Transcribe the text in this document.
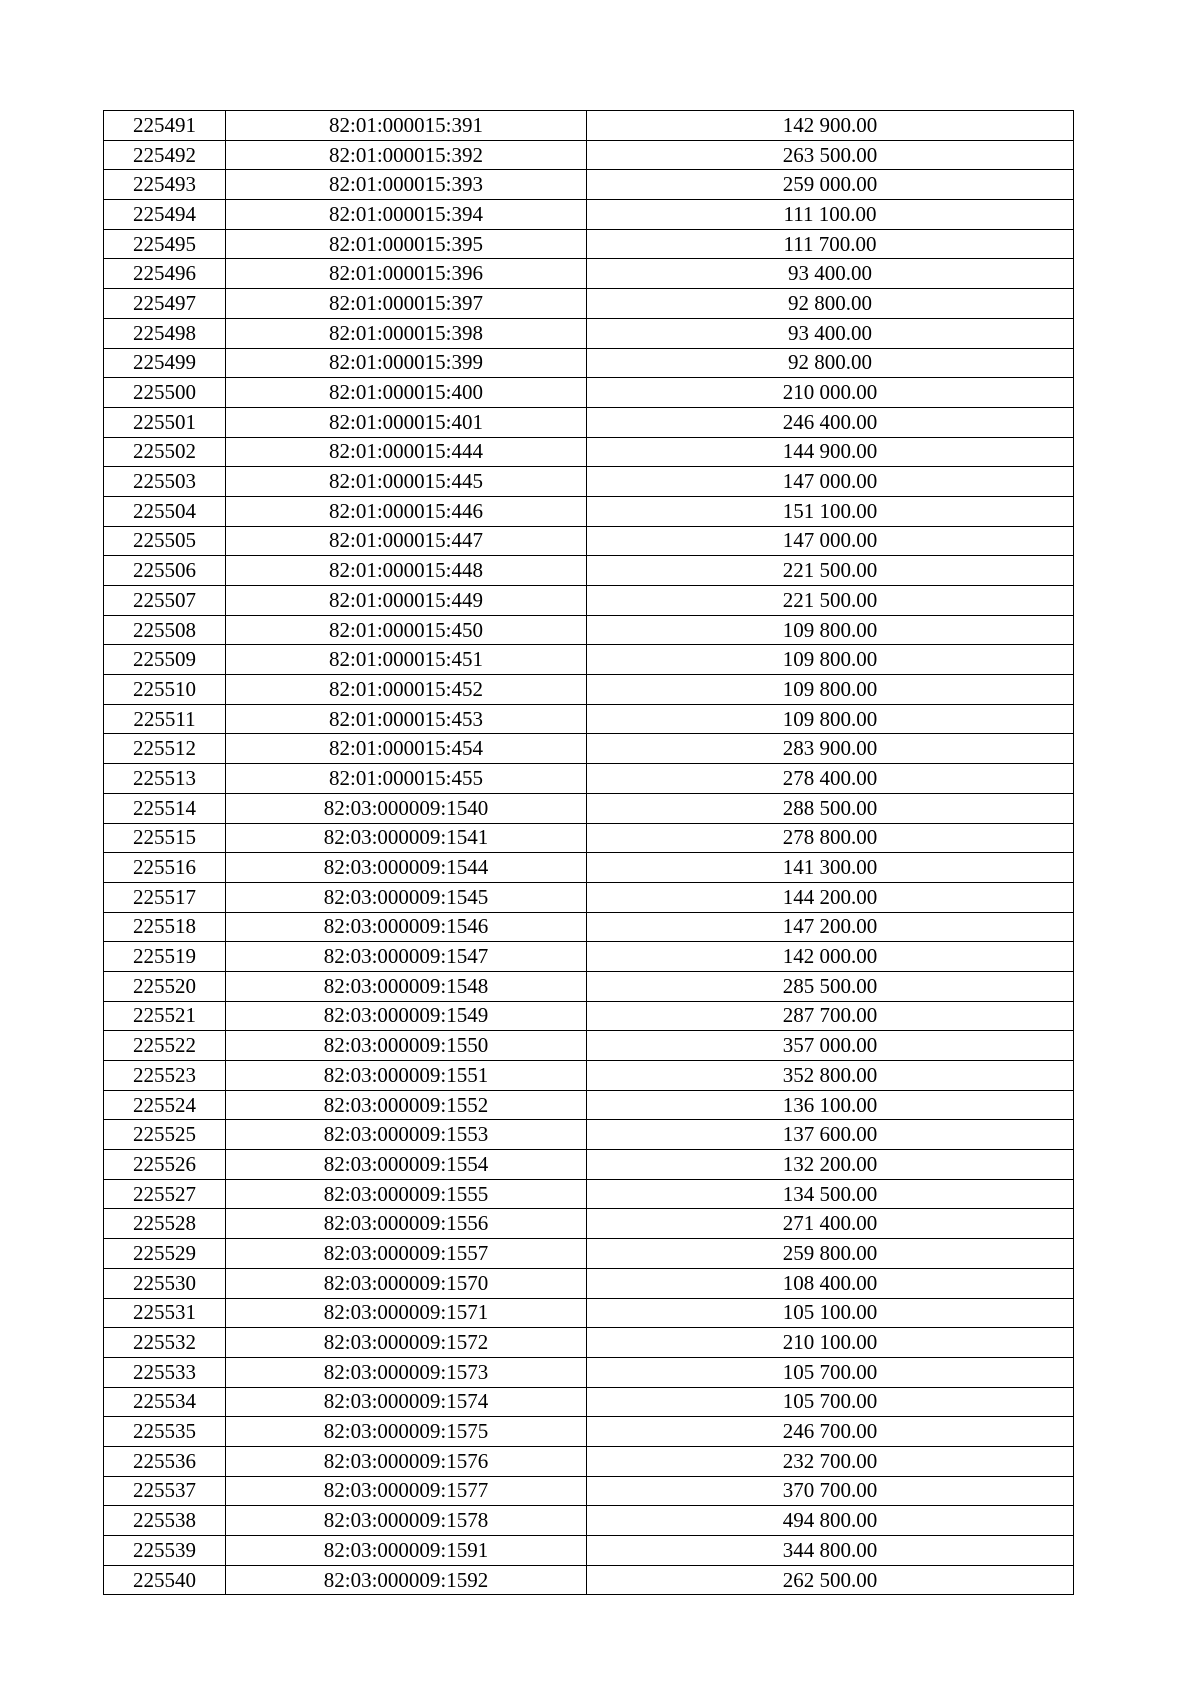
225491	82:01:000015:391	142 900.00
225492	82:01:000015:392	263 500.00
225493	82:01:000015:393	259 000.00
225494	82:01:000015:394	111 100.00
225495	82:01:000015:395	111 700.00
225496	82:01:000015:396	93 400.00
225497	82:01:000015:397	92 800.00
225498	82:01:000015:398	93 400.00
225499	82:01:000015:399	92 800.00
225500	82:01:000015:400	210 000.00
225501	82:01:000015:401	246 400.00
225502	82:01:000015:444	144 900.00
225503	82:01:000015:445	147 000.00
225504	82:01:000015:446	151 100.00
225505	82:01:000015:447	147 000.00
225506	82:01:000015:448	221 500.00
225507	82:01:000015:449	221 500.00
225508	82:01:000015:450	109 800.00
225509	82:01:000015:451	109 800.00
225510	82:01:000015:452	109 800.00
225511	82:01:000015:453	109 800.00
225512	82:01:000015:454	283 900.00
225513	82:01:000015:455	278 400.00
225514	82:03:000009:1540	288 500.00
225515	82:03:000009:1541	278 800.00
225516	82:03:000009:1544	141 300.00
225517	82:03:000009:1545	144 200.00
225518	82:03:000009:1546	147 200.00
225519	82:03:000009:1547	142 000.00
225520	82:03:000009:1548	285 500.00
225521	82:03:000009:1549	287 700.00
225522	82:03:000009:1550	357 000.00
225523	82:03:000009:1551	352 800.00
225524	82:03:000009:1552	136 100.00
225525	82:03:000009:1553	137 600.00
225526	82:03:000009:1554	132 200.00
225527	82:03:000009:1555	134 500.00
225528	82:03:000009:1556	271 400.00
225529	82:03:000009:1557	259 800.00
225530	82:03:000009:1570	108 400.00
225531	82:03:000009:1571	105 100.00
225532	82:03:000009:1572	210 100.00
225533	82:03:000009:1573	105 700.00
225534	82:03:000009:1574	105 700.00
225535	82:03:000009:1575	246 700.00
225536	82:03:000009:1576	232 700.00
225537	82:03:000009:1577	370 700.00
225538	82:03:000009:1578	494 800.00
225539	82:03:000009:1591	344 800.00
225540	82:03:000009:1592	262 500.00
